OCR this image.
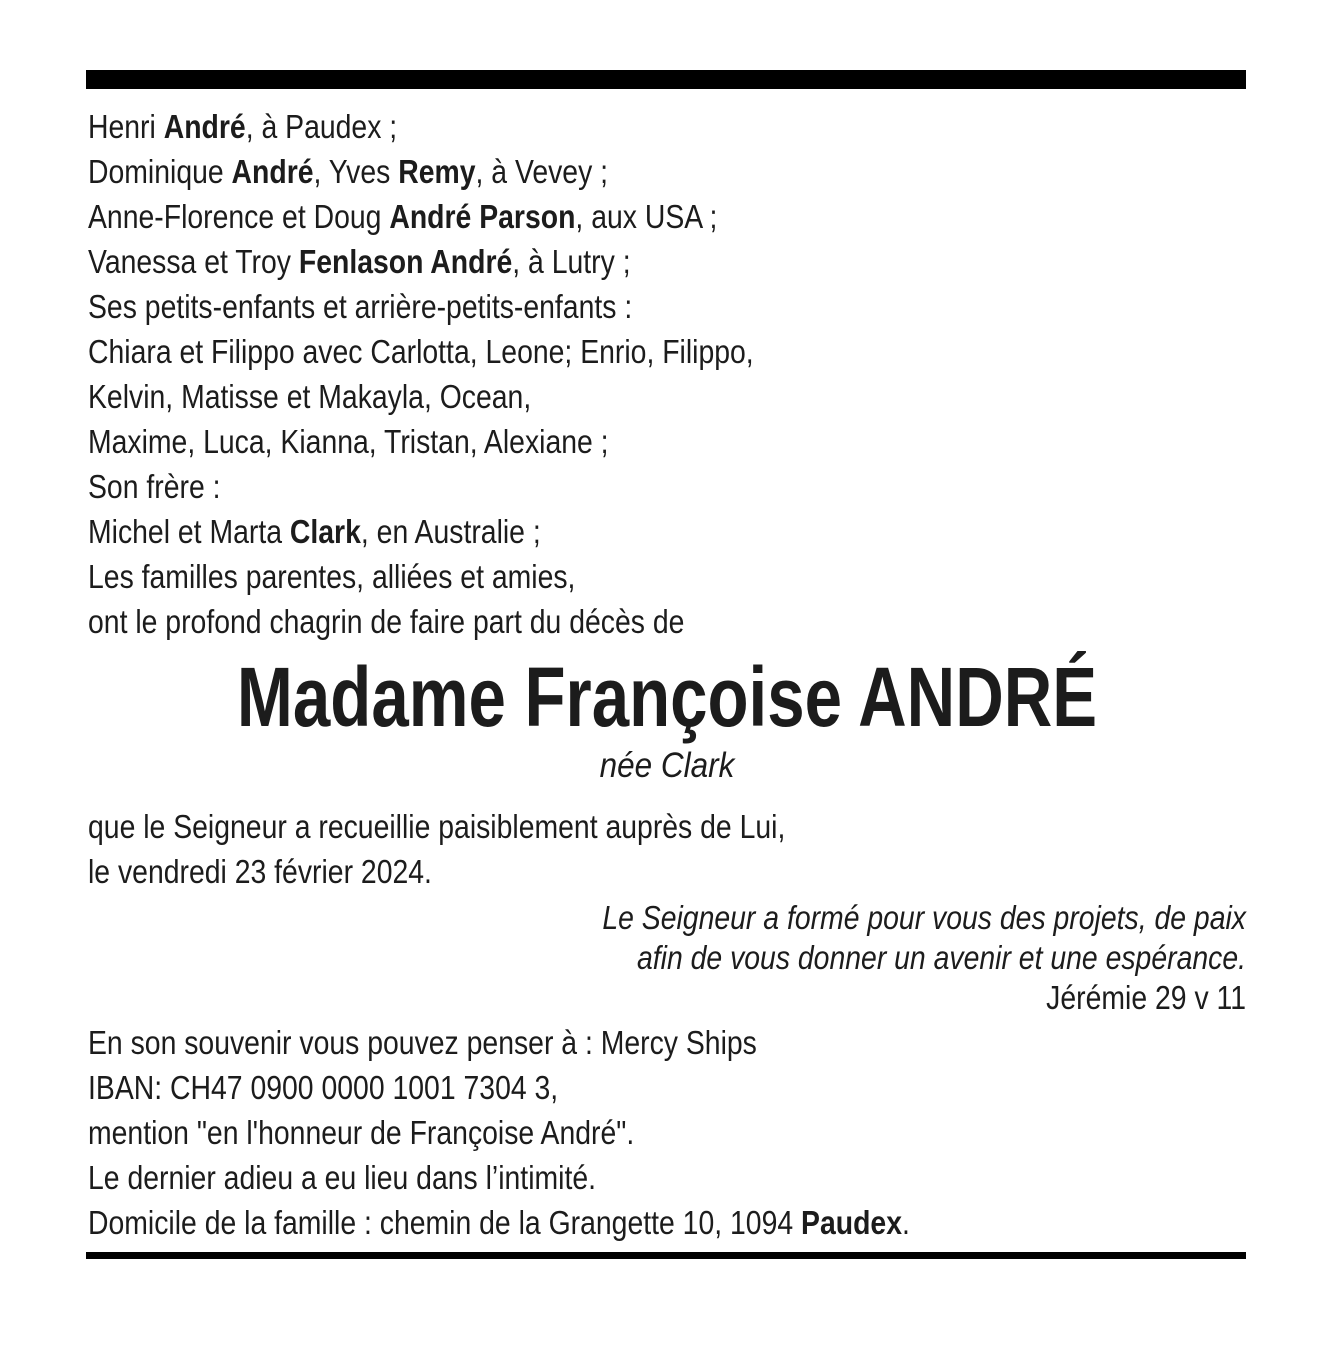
Henri André, à Paudex ;

Dominique André, Yves Remy, à Vevey ;

Anne-Florence et Doug André Parson, aux USA ;

Vanessa et Troy Fenlason André, à Lutry ;

Ses petits-enfants et arrière-petits-enfants :

Chiara et Filippo avec Carlotta, Leone; Enrio, Filippo,

Kelvin, Matisse et Makayla, Ocean,

Maxime, Luca, Kianna, Tristan, Alexiane ;

Son frère :

Michel et Marta Clark, en Australie ;

Les familles parentes, alliées et amies,

ont le profond chagrin de faire part du décès de

Madame Françoise ANDRÉ

née Clark

que le Seigneur a recueillie paisiblement auprès de Lui,

le vendredi 23 février 2024.

Le Seigneur a formé pour vous des projets, de paix

afin de vous donner un avenir et une espérance.

Jérémie 29 v 11

En son souvenir vous pouvez penser à : Mercy Ships

IBAN: CH47 0900 0000 1001 7304 3,

mention "en l'honneur de Françoise André".

Le dernier adieu a eu lieu dans l’intimité.

Domicile de la famille : chemin de la Grangette 10, 1094 Paudex.
